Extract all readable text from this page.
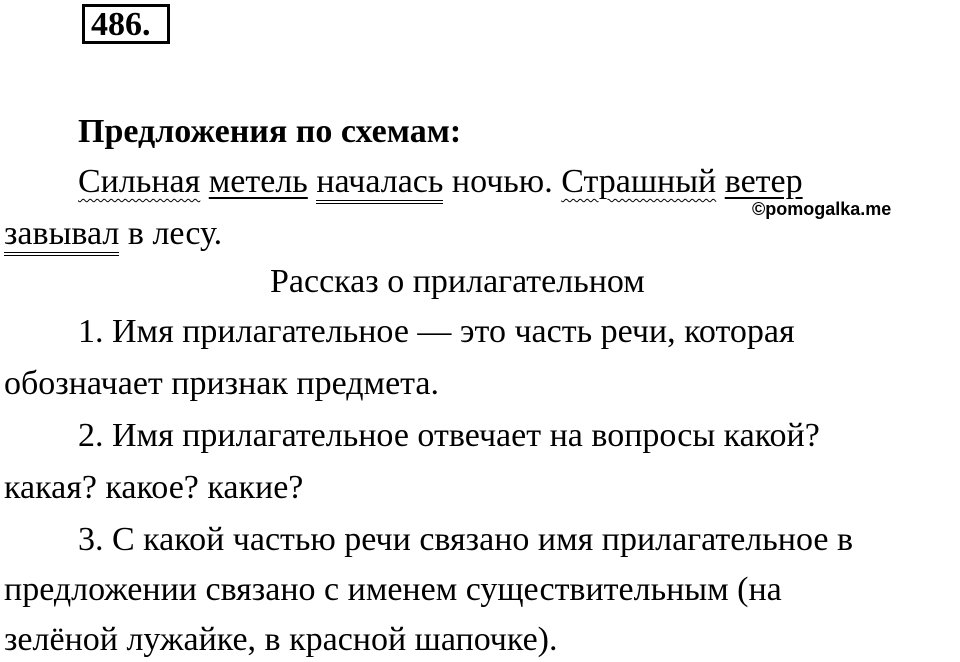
486.
Предложения по схемам:
Сильная метель началась ночью. Страшный ветер
©pomogalka.me
завывал в лесу.
Рассказ о прилагательном
1. Имя прилагательное — это часть речи, которая
обозначает признак предмета.
2. Имя прилагательное отвечает на вопросы какой?
какая? какое? какие?
3. С какой частью речи связано имя прилагательное в
предложении связано с именем существительным (на
зелёной лужайке, в красной шапочке).
